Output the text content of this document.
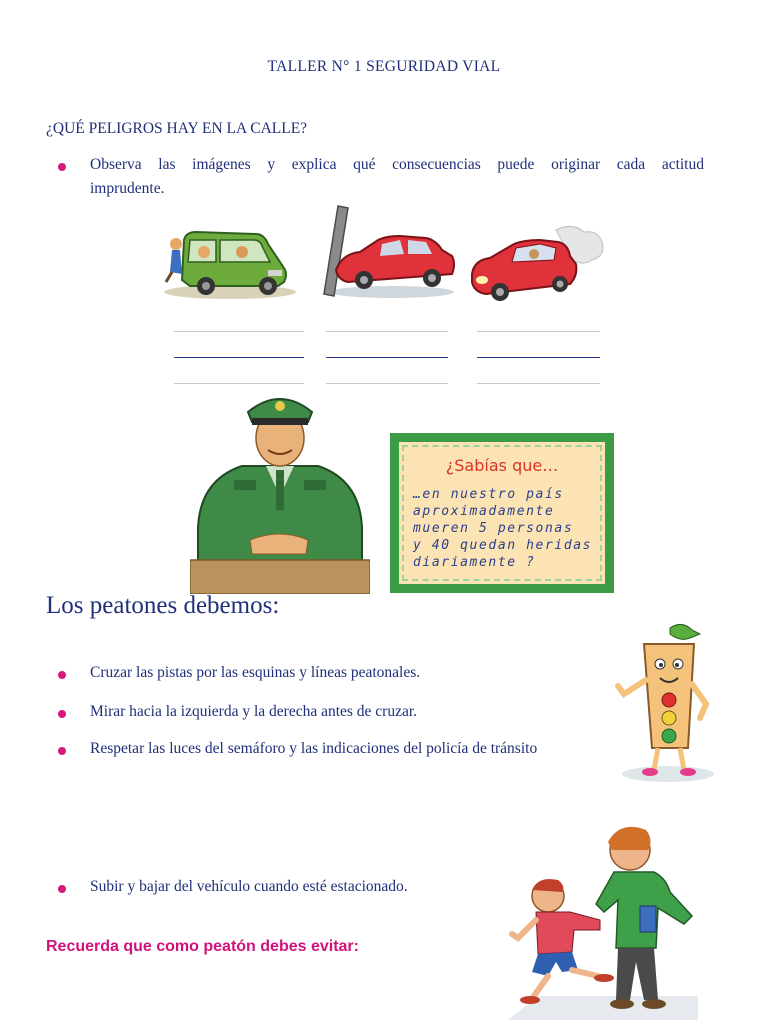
TALLER N° 1 SEGURIDAD VIAL
¿QUÉ PELIGROS HAY EN LA CALLE?
Observa las imágenes y explica qué consecuencias puede originar cada actitud
imprudente.
¿Sabías que…
…en nuestro país
aproximadamente
mueren 5 personas
y 40 quedan heridas
diariamente ?
Los peatones debemos:
Cruzar las pistas por las esquinas y líneas peatonales.
Mirar hacia la izquierda y la derecha antes de cruzar.
Respetar las luces del semáforo y las indicaciones del policía de tránsito
Subir y bajar del vehículo cuando esté estacionado.
Recuerda que como peatón debes evitar:
